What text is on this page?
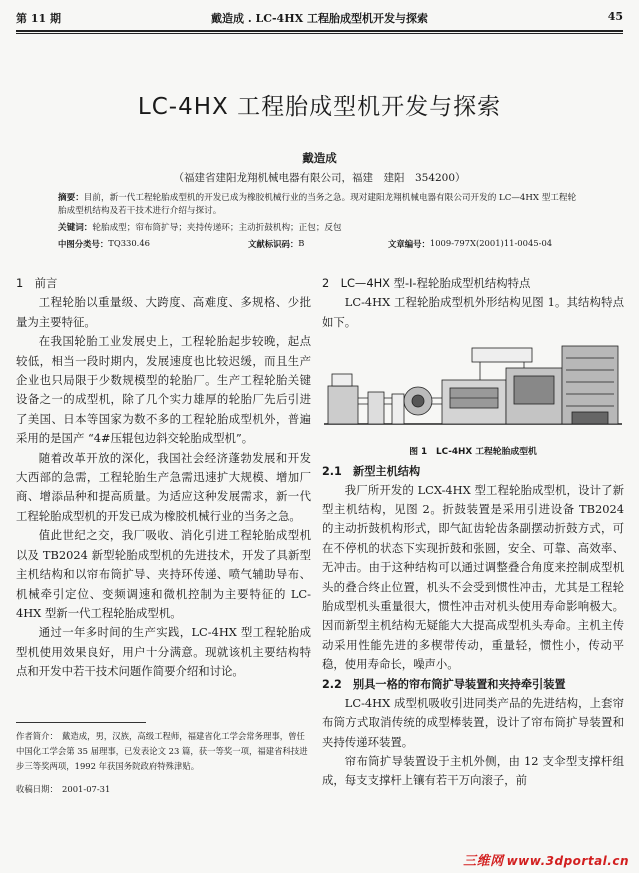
第 11 期	戴造成 . LC-4HX 工程胎成型机开发与探索	45
LC-4HX 工程胎成型机开发与探索
戴造成
（福建省建阳龙翔机械电器有限公司，福建　建阳　354200）
摘要：目前，新一代工程轮胎成型机的开发已成为橡胶机械行业的当务之急。现对建阳龙翔机械电器有限公司开发的 LC—4HX 型工程轮胎成型机结构及若干技术进行介绍与探讨。
关键词：轮胎成型；帘布筒扩导；夹持传递环；主动折鼓机构；正包；反包
中图分类号： TQ330.46	文献标识码： B	文章编号： 1009-797X(2001)11-0045-04
1　前言

工程轮胎以重量级、大跨度、高难度、多规格、少批量为主要特征。

在我国轮胎工业发展史上，工程轮胎起步较晚，起点较低，相当一段时期内，发展速度也比较迟缓，而且生产企业也只局限于少数规模型的轮胎厂。生产工程轮胎关键设备之一的成型机，除了几个实力雄厚的轮胎厂先后引进了美国、日本等国家为数不多的工程轮胎成型机外，普遍采用的是国产 “4#压辊包边斜交轮胎成型机”。

随着改革开放的深化，我国社会经济蓬勃发展和开发大西部的急需，工程轮胎生产急需迅速扩大规模、增加厂商、增添品种和提高质量。为适应这种发展需求，新一代工程轮胎成型机的开发已成为橡胶机械行业的当务之急。

值此世纪之交，我厂吸收、消化引进工程轮胎成型机以及 TB2024 新型轮胎成型机的先进技术，开发了具新型主机结构和以帘布筒扩导、夹持环传递、喷气辅助导布、机械牵引定位、变频调速和微机控制为主要特征的 LC-4HX 型新一代工程轮胎成型机。

通过一年多时间的生产实践，LC-4HX 型工程轮胎成型机使用效果良好，用户十分满意。现就该机主要结构特点和开发中若干技术问题作简要介绍和讨论。

作者简介：　戴造成，男，汉族，高级工程师，福建省化工学会常务理事，曾任中国化工学会第 35 届理事，已发表论文 23 篇，获一等奖一项，福建省科技进步三等奖两项，1992 年获国务院政府特殊津贴。

收稿日期：　2001-07-31

2　LC—4HX 型-I-程轮胎成型机结构特点

LC-4HX 工程轮胎成型机外形结构见图 1。其结构特点如下。

图 1　LC-4HX 工程轮胎成型机
2.1　新型主机结构

我厂所开发的 LCX-4HX 型工程轮胎成型机，设计了新型主机结构，见图 2。折鼓装置是采用引进设备 TB2024 的主动折鼓机构形式，即气缸齿轮齿条副摆动折鼓方式，可在不停机的状态下实现折鼓和张圆，安全、可靠、高效率、无冲击。由于这种结构可以通过调整叠合角度来控制成型机头的叠合终止位置，机头不会受到惯性冲击，尤其是工程轮胎成型机头重量很大，惯性冲击对机头使用寿命影响极大。因而新型主机结构无疑能大大提高成型机头寿命。主机主传动采用性能先进的多楔带传动，重量轻，惯性小，传动平稳，使用寿命长，噪声小。

2.2　别具一格的帘布筒扩导装置和夹持牵引装置

LC-4HX 成型机吸收引进同类产品的先进结构，上套帘布筒方式取消传统的成型棒装置，设计了帘布筒扩导装置和夹持传递环装置。

帘布筒扩导装置设于主机外侧，由 12 支伞型支撑杆组成，每支支撑杆上镶有若干万向滚子，前

三维网 www.3dportal.cn
